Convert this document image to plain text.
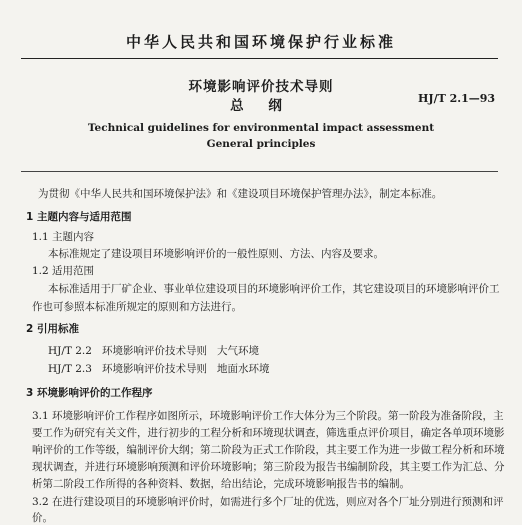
中华人民共和国环境保护行业标准
环境影响评价技术导则
总 纲	HJ/T 2.1—93
Technical guidelines for environmental impact assessment
General principles
为贯彻《中华人民共和国环境保护法》和《建设项目环境保护管理办法》，制定本标准。
1 主题内容与适用范围
1.1 主题内容
本标准规定了建设项目环境影响评价的一般性原则、方法、内容及要求。
1.2 适用范围
本标准适用于厂矿企业、事业单位建设项目的环境影响评价工作，其它建设项目的环境影响评价工
作也可参照本标准所规定的原则和方法进行。
2 引用标准
HJ/T 2.2   环境影响评价技术导则   大气环境
HJ/T 2.3   环境影响评价技术导则   地面水环境
3 环境影响评价的工作程序
3.1 环境影响评价工作程序如图所示，环境影响评价工作大体分为三个阶段。第一阶段为准备阶段，主
要工作为研究有关文件，进行初步的工程分析和环境现状调查，筛选重点评价项目，确定各单项环境影
响评价的工作等级，编制评价大纲；第二阶段为正式工作阶段，其主要工作为进一步做工程分析和环境
现状调查，并进行环境影响预测和评价环境影响；第三阶段为报告书编制阶段，其主要工作为汇总、分
析第二阶段工作所得的各种资料、数据，给出结论，完成环境影响报告书的编制。
3.2 在进行建设项目的环境影响评价时，如需进行多个厂址的优选，则应对各个厂址分别进行预测和评
价。
